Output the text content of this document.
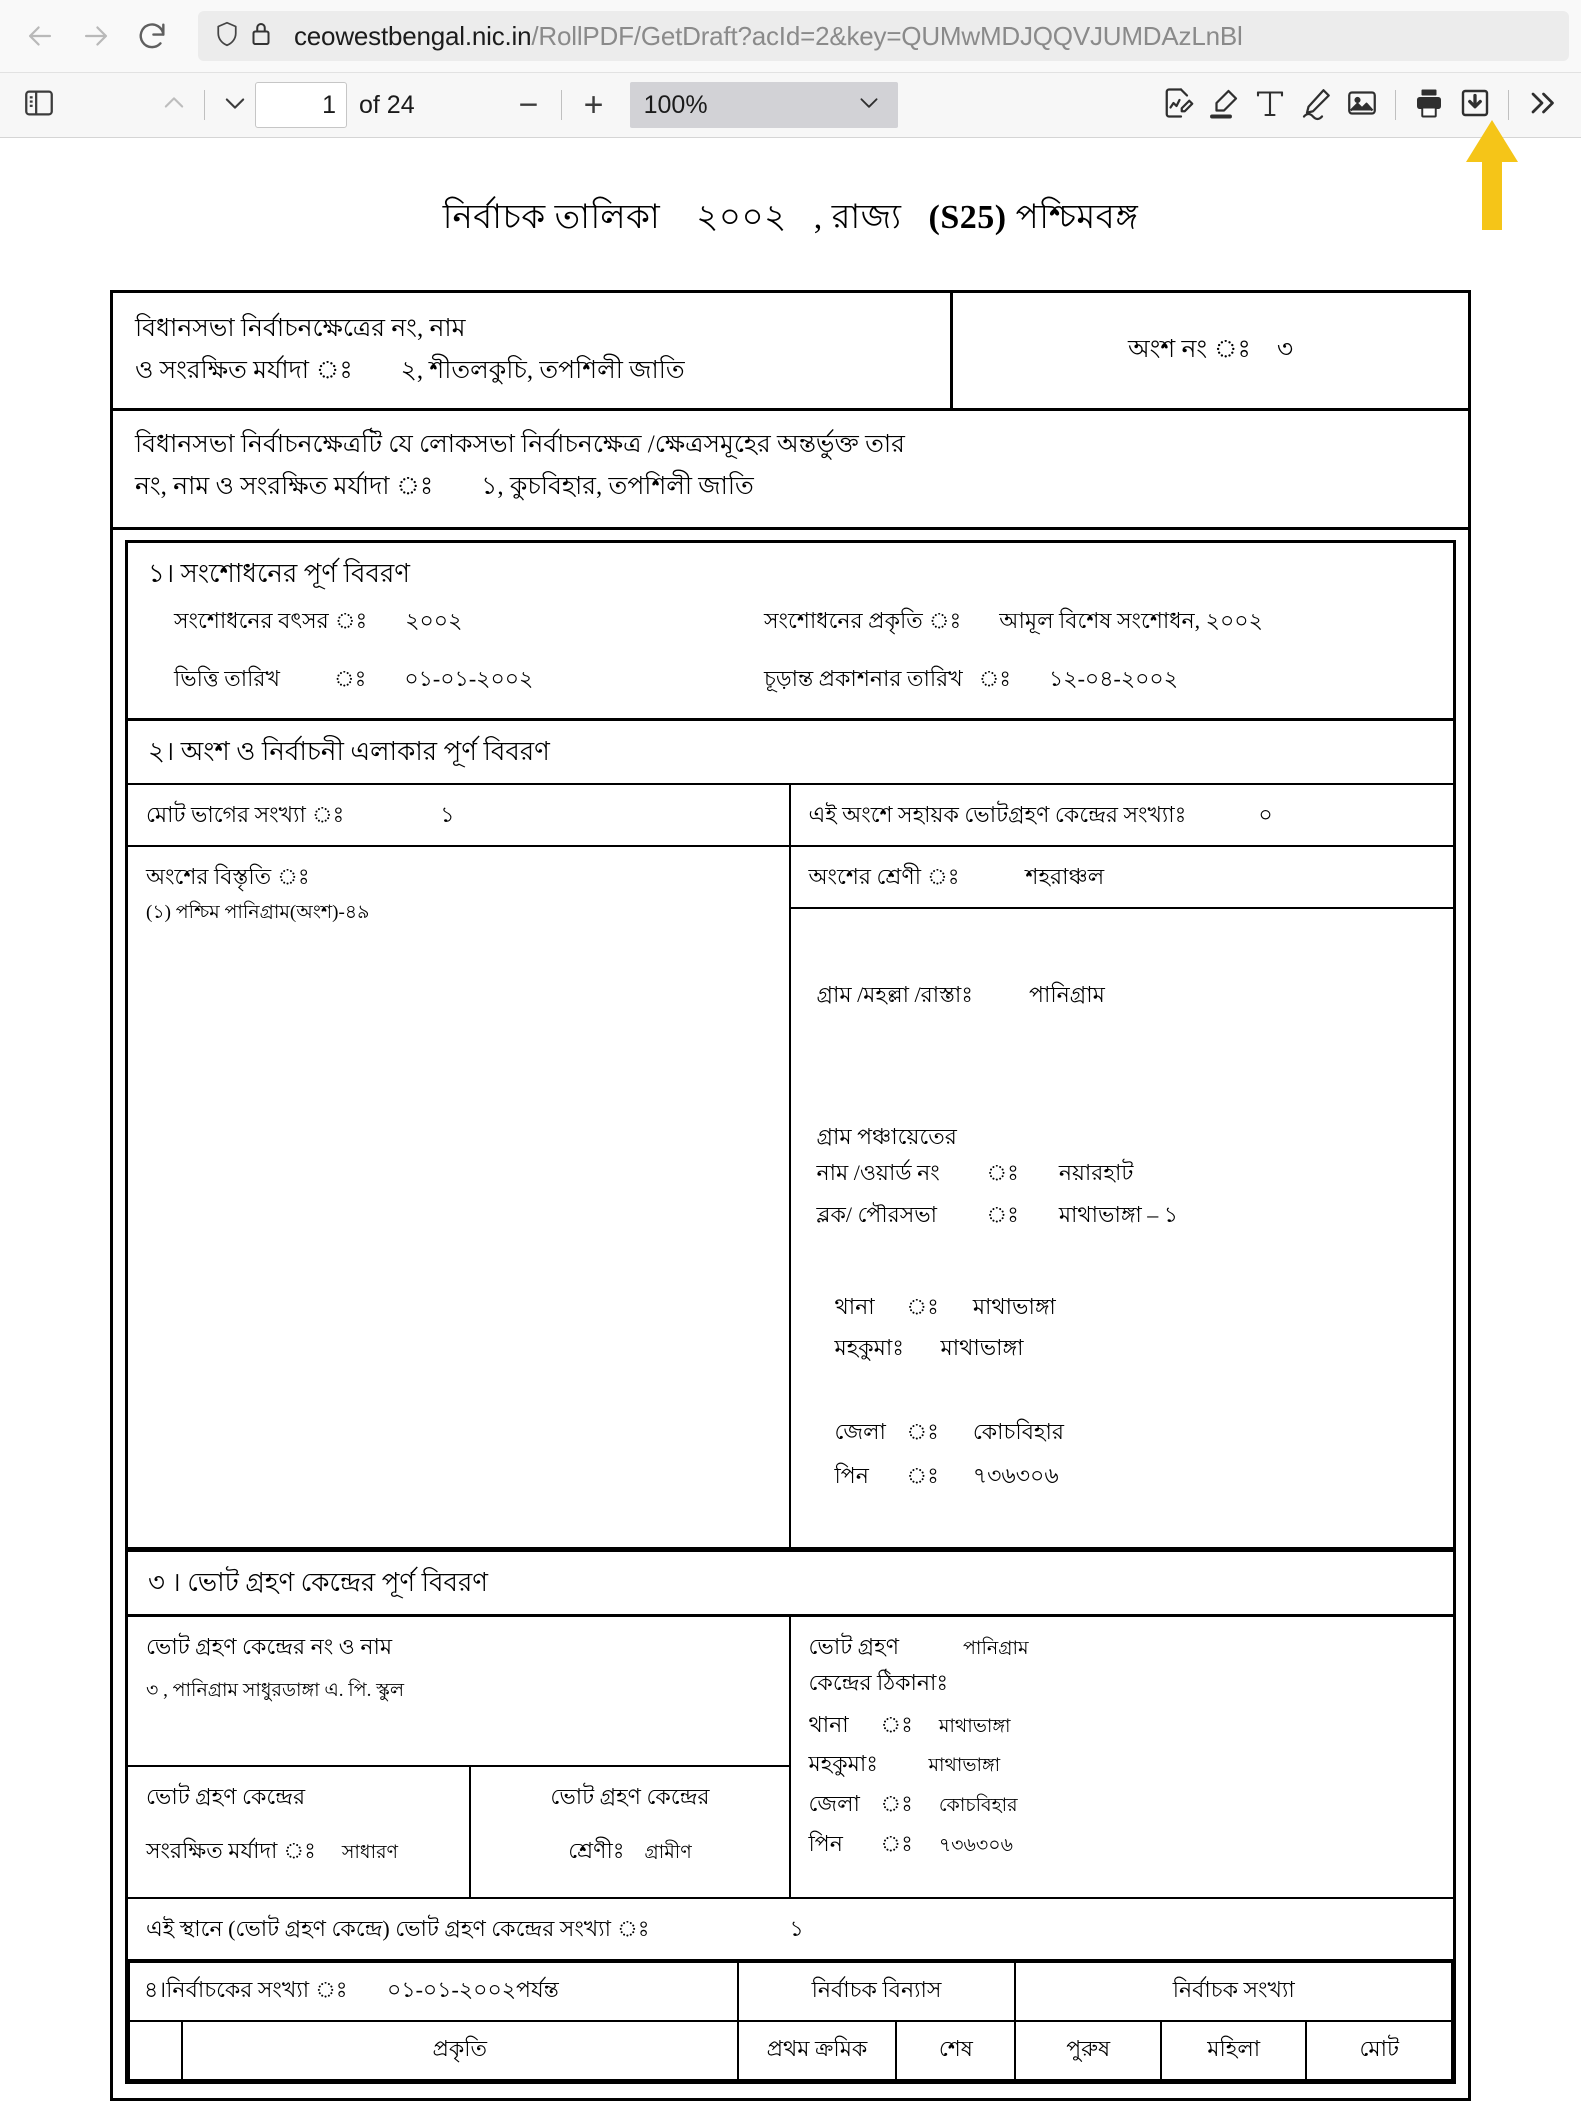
ceowestbengal.nic.in/RollPDF/GetDraft?acId=2&key=QUMwMDJQQVJUMDAzLnBl
1
of 24	−	+	100%
নির্বাচক তালিকা ২০০২ , রাজ্য (S25) পশ্চিমবঙ্গ
বিধানসভা নির্বাচনক্ষেত্রের নং, নাম
ও সংরক্ষিত মর্যাদা ঃ ২, শীতলকুচি, তপশিলী জাতি
অংশ নং ঃ ৩
বিধানসভা নির্বাচনক্ষেত্রটি যে লোকসভা নির্বাচনক্ষেত্র /ক্ষেত্রসমূহের অন্তর্ভুক্ত তার
নং, নাম ও সংরক্ষিত মর্যাদা ঃ ১, কুচবিহার, তপশিলী জাতি
১। সংশোধনের পূর্ণ বিবরণ
সংশোধনের বৎসর ঃ ২০০২
ভিত্তি তারিখ	ঃ ০১-০১-২০০২
সংশোধনের প্রকৃতি ঃ আমূল বিশেষ সংশোধন, ২০০২
চূড়ান্ত প্রকাশনার তারিখ ঃ ১২-০৪-২০০২
২। অংশ ও নির্বাচনী এলাকার পূর্ণ বিবরণ
মোট ভাগের সংখ্যা ঃ	১	এই অংশে সহায়ক ভোটগ্রহণ কেন্দ্রের সংখ্যাঃ	০
অংশের বিস্তৃতি ঃ
(১) পশ্চিম পানিগ্রাম(অংশ)-৪৯
অংশের শ্রেণী ঃ	শহরাঞ্চল
গ্রাম /মহল্লা /রাস্তাঃ	পানিগ্রাম
গ্রাম পঞ্চায়েতের
নাম /ওয়ার্ড নং	ঃ নয়ারহাট
ব্লক/ পৌরসভা	ঃ মাথাভাঙ্গা – ১
থানা	ঃ মাথাভাঙ্গা
মহকুমাঃ	মাথাভাঙ্গা
জেলা ঃ কোচবিহার
পিন	ঃ ৭৩৬৩০৬
৩ । ভোট গ্রহণ কেন্দ্রের পূর্ণ বিবরণ
ভোট গ্রহণ কেন্দ্রের নং ও নাম
৩ , পানিগ্রাম সাধুরডাঙ্গা এ. পি. স্কুল
ভোট গ্রহণ কেন্দ্রের
সংরক্ষিত মর্যাদা ঃ সাধারণ
ভোট গ্রহণ কেন্দ্রের
শ্রেণীঃ গ্রামীণ
ভোট গ্রহণ	পানিগ্রাম
কেন্দ্রের ঠিকানাঃ
থানা	ঃ মাথাভাঙ্গা
মহকুমাঃ	মাথাভাঙ্গা
জেলা ঃ কোচবিহার
পিন	ঃ ৭৩৬৩০৬
এই স্থানে (ভোট গ্রহণ কেন্দ্রে) ভোট গ্রহণ কেন্দ্রের সংখ্যা ঃ	১
৪।নির্বাচকের সংখ্যা ঃ ০১-০১-২০০২পর্যন্ত		নির্বাচক বিন্যাস		নির্বাচক সংখ্যা		
	প্রকৃতি	প্রথম ক্রমিক	শেষ	পুরুষ	মহিলা	মোট
